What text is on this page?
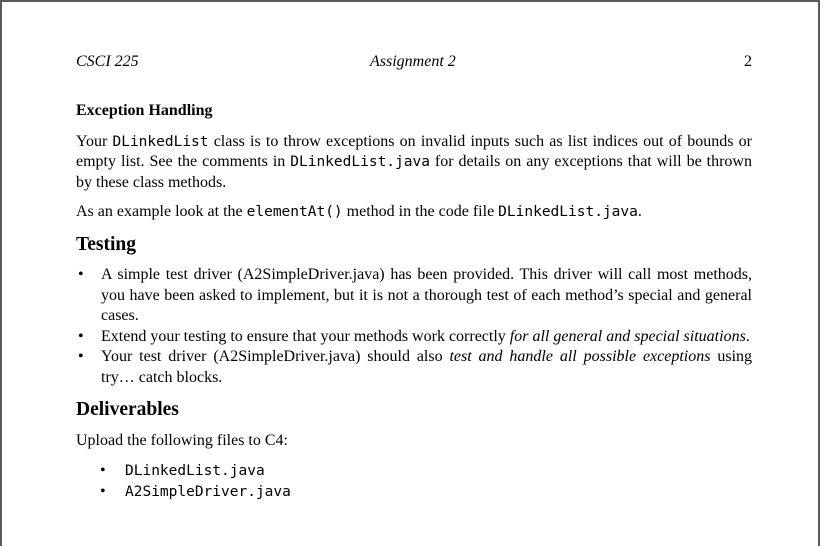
CSCI 225	Assignment 2	2
Exception Handling
Your DLinkedList class is to throw exceptions on invalid inputs such as list indices out of bounds or empty list. See the comments in DLinkedList.java for details on any exceptions that will be thrown by these class methods.
As an example look at the elementAt() method in the code file DLinkedList.java.
Testing
• A simple test driver (A2SimpleDriver.java) has been provided. This driver will call most methods, you have been asked to implement, but it is not a thorough test of each method’s special and general cases.
• Extend your testing to ensure that your methods work correctly for all general and special situations.
• Your test driver (A2SimpleDriver.java) should also test and handle all possible exceptions using try… catch blocks.
Deliverables
Upload the following files to C4:
• DLinkedList.java
• A2SimpleDriver.java
